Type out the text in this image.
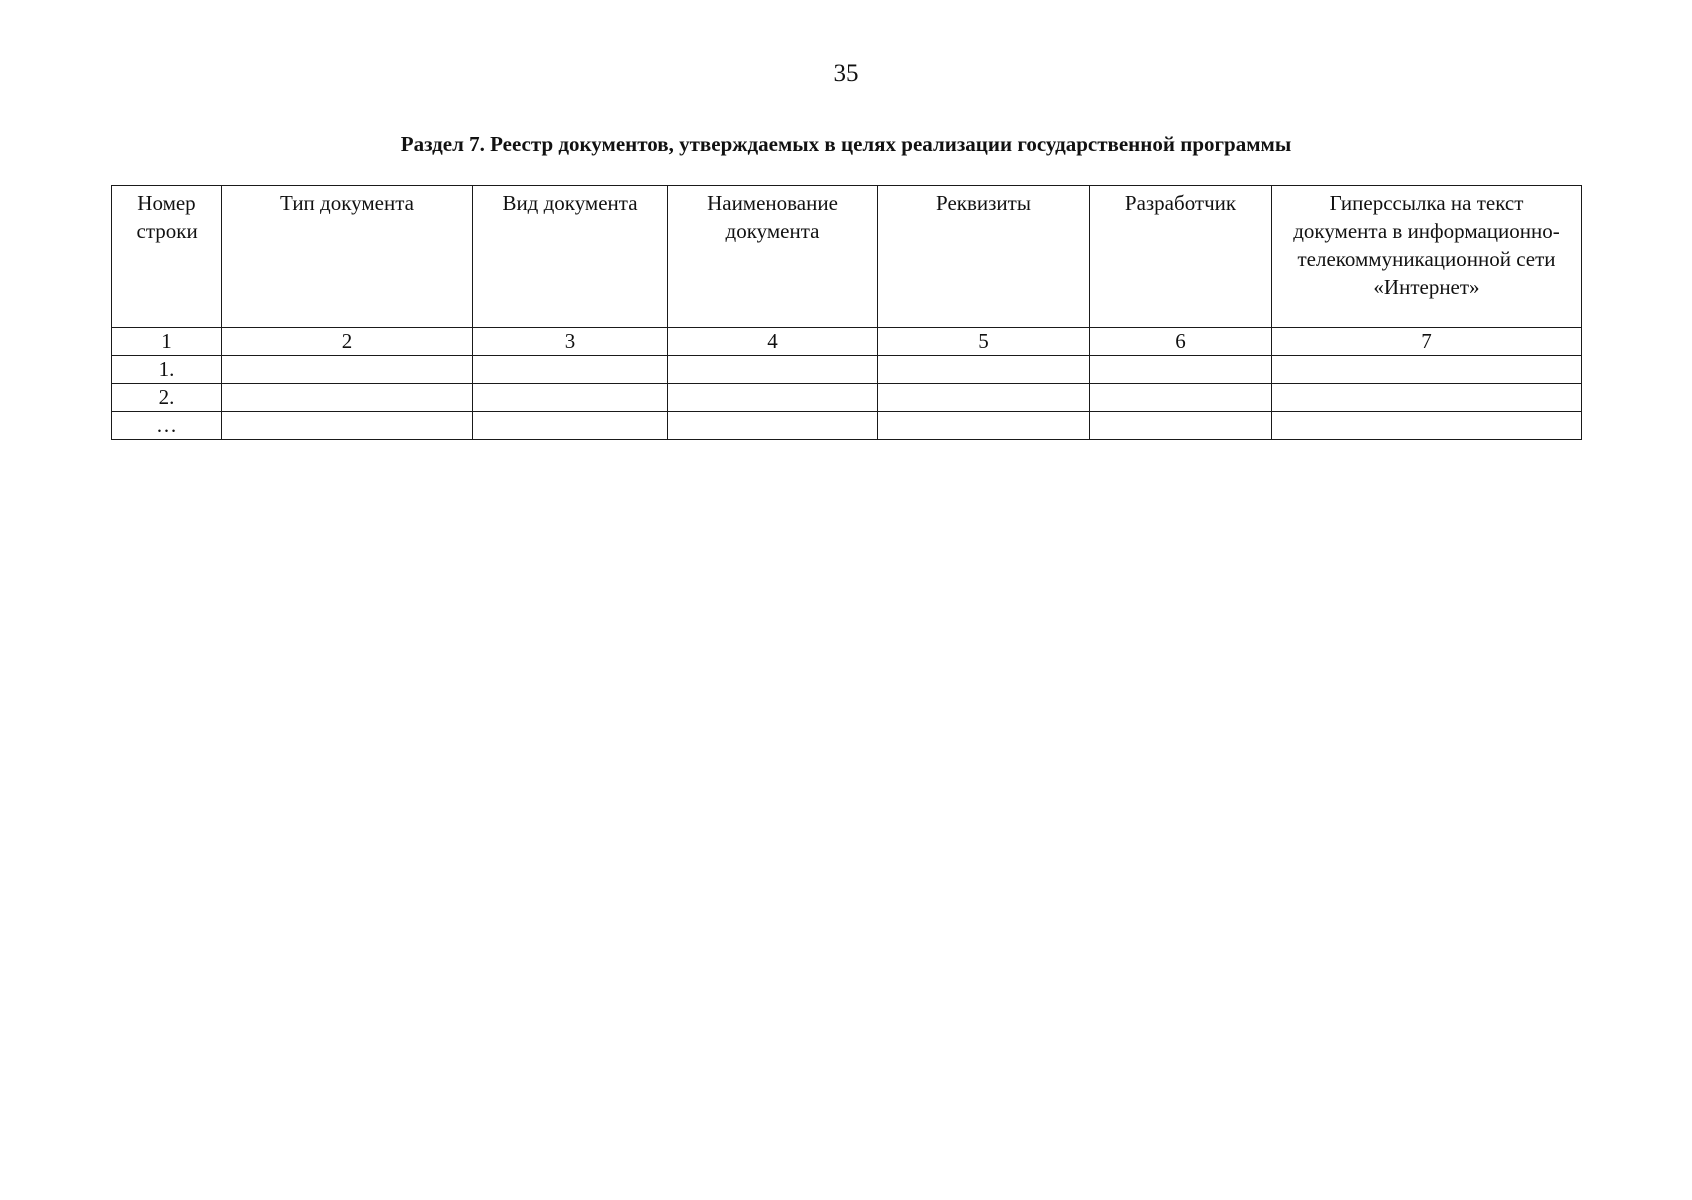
35
Раздел 7. Реестр документов, утверждаемых в целях реализации государственной программы
Номер строки	Тип документа	Вид документа	Наименование документа	Реквизиты	Разработчик	Гиперссылка на текст документа в информационно-телекоммуникационной сети «Интернет»

1	2	3	4	5	6	7
1.						
2.						
…						
